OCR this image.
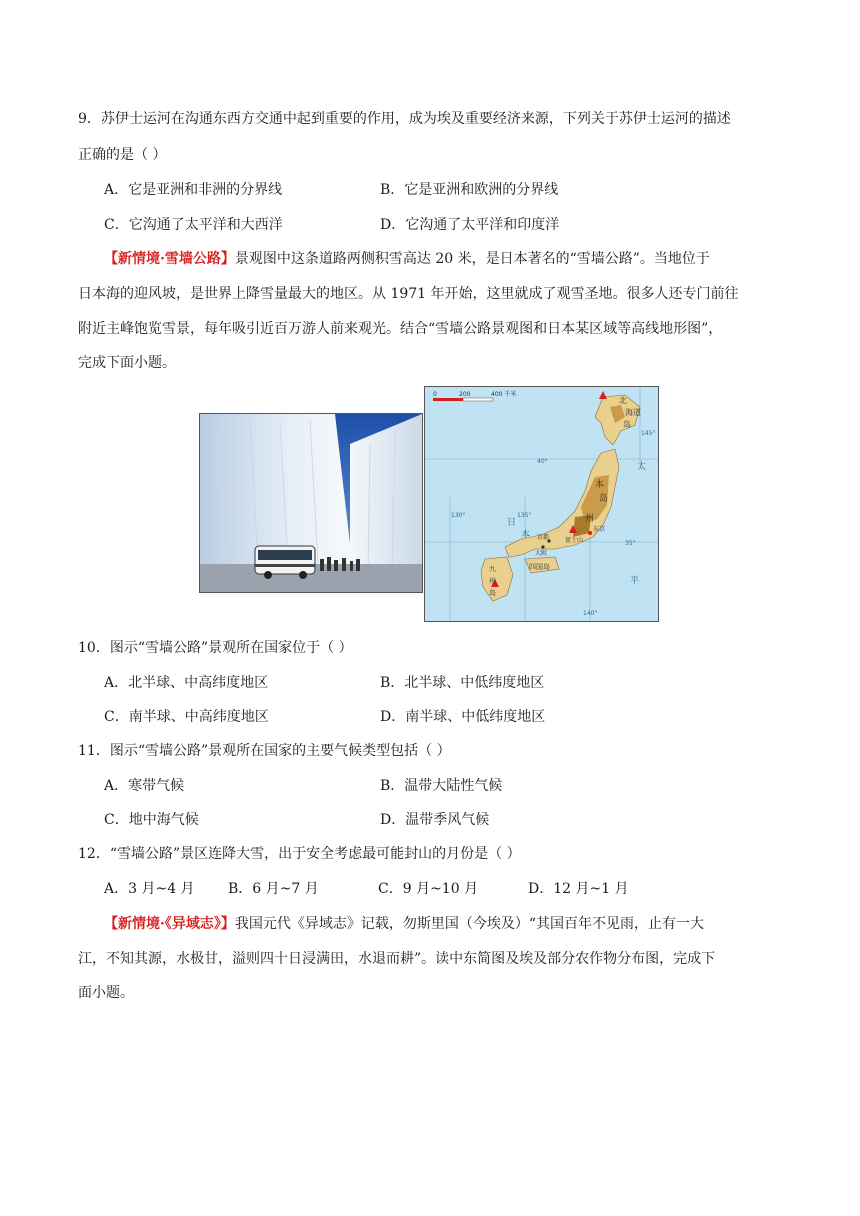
9．苏伊士运河在沟通东西方交通中起到重要的作用，成为埃及重要经济来源，下列关于苏伊士运河的描述
正确的是（ ）
A．它是亚洲和非洲的分界线	B．它是亚洲和欧洲的分界线
C．它沟通了太平洋和大西洋	D．它沟通了太平洋和印度洋
【新情境·雪墙公路】景观图中这条道路两侧积雪高达 20 米，是日本著名的“雪墙公路”。当地位于
日本海的迎风坡，是世界上降雪量最大的地区。从 1971 年开始，这里就成了观雪圣地。很多人还专门前往
附近主峰饱览雪景，每年吸引近百万游人前来观光。结合“雪墙公路景观图和日本某区域等高线地形图”，
完成下面小题。
0	200	400 千米
北
海道
岛
太
平
本
州
岛
日
本
四国岛
九
州
岛
东京
大阪
京都	富士山
40°
35°
130°	135°
140°
145°
10．图示“雪墙公路”景观所在国家位于（ ）
A．北半球、中高纬度地区	B．北半球、中低纬度地区
C．南半球、中高纬度地区	D．南半球、中低纬度地区
11．图示“雪墙公路”景观所在国家的主要气候类型包括（ ）
A．寒带气候	B．温带大陆性气候
C．地中海气候	D．温带季风气候
12．“雪墙公路”景区连降大雪，出于安全考虑最可能封山的月份是（ ）
A．3 月~4 月 B．6 月~7 月	C．9 月~10 月	D．12 月~1 月
【新情境·《异域志》】我国元代《异域志》记载，勿斯里国（今埃及）“其国百年不见雨，止有一大
江，不知其源，水极甘，溢则四十日浸满田，水退而耕”。读中东简图及埃及部分农作物分布图，完成下
面小题。
